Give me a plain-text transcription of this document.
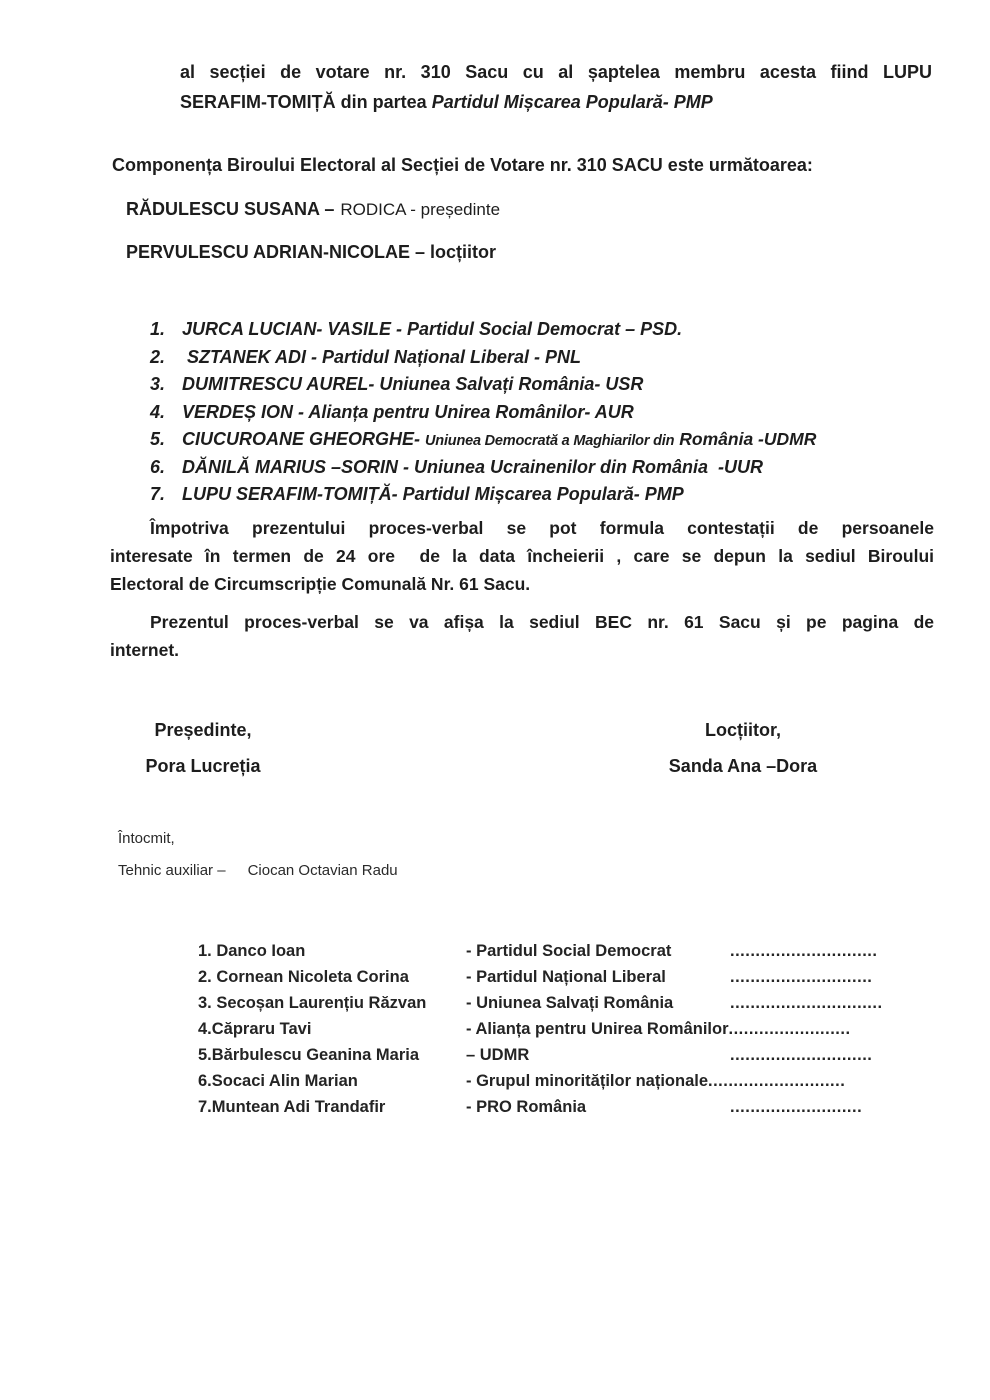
al secției de votare nr. 310 Sacu cu al șaptelea membru acesta fiind LUPU
SERAFIM-TOMIȚĂ din partea Partidul Mișcarea Populară- PMP
Componența Biroului Electoral al Secției de Votare nr. 310 SACU este următoarea:
RĂDULESCU SUSANA – RODICA - președinte
PERVULESCU ADRIAN-NICOLAE – locțiitor
1. JURCA LUCIAN- VASILE - Partidul Social Democrat – PSD.
2. SZTANEK ADI - Partidul Național Liberal - PNL
3. DUMITRESCU AUREL- Uniunea Salvați România- USR
4. VERDEȘ ION - Alianța pentru Unirea Românilor- AUR
5. CIUCUROANE GHEORGHE- Uniunea Democrată a Maghiarilor din România -UDMR
6. DĂNILĂ MARIUS –SORIN - Uniunea Ucrainenilor din România  -UUR
7. LUPU SERAFIM-TOMIȚĂ- Partidul Mișcarea Populară- PMP
Împotriva prezentului proces-verbal se pot formula contestații de persoanele
interesate în termen de 24 ore  de la data încheierii , care se depun la sediul Biroului
Electoral de Circumscripție Comunală Nr. 61 Sacu.
Prezentul proces-verbal se va afișa la sediul BEC nr. 61 Sacu și pe pagina de
internet.
Președinte,
Pora Lucreția
Locțiitor,
Sanda Ana –Dora
Întocmit,
Tehnic auxiliar – Ciocan Octavian Radu
1. Danco Ioan	- Partidul Social Democrat	.............................
2. Cornean Nicoleta Corina	- Partidul Național Liberal	............................
3. Secoșan Laurențiu Răzvan	- Uniunea Salvați România	..............................
4.Căpraru Tavi	- Alianța pentru Unirea Românilor ........................
5.Bărbulescu Geanina Maria	– UDMR	............................
6.Socaci Alin Marian	- Grupul minorităților naționale ...........................
7.Muntean Adi Trandafir	- PRO România	..........................
